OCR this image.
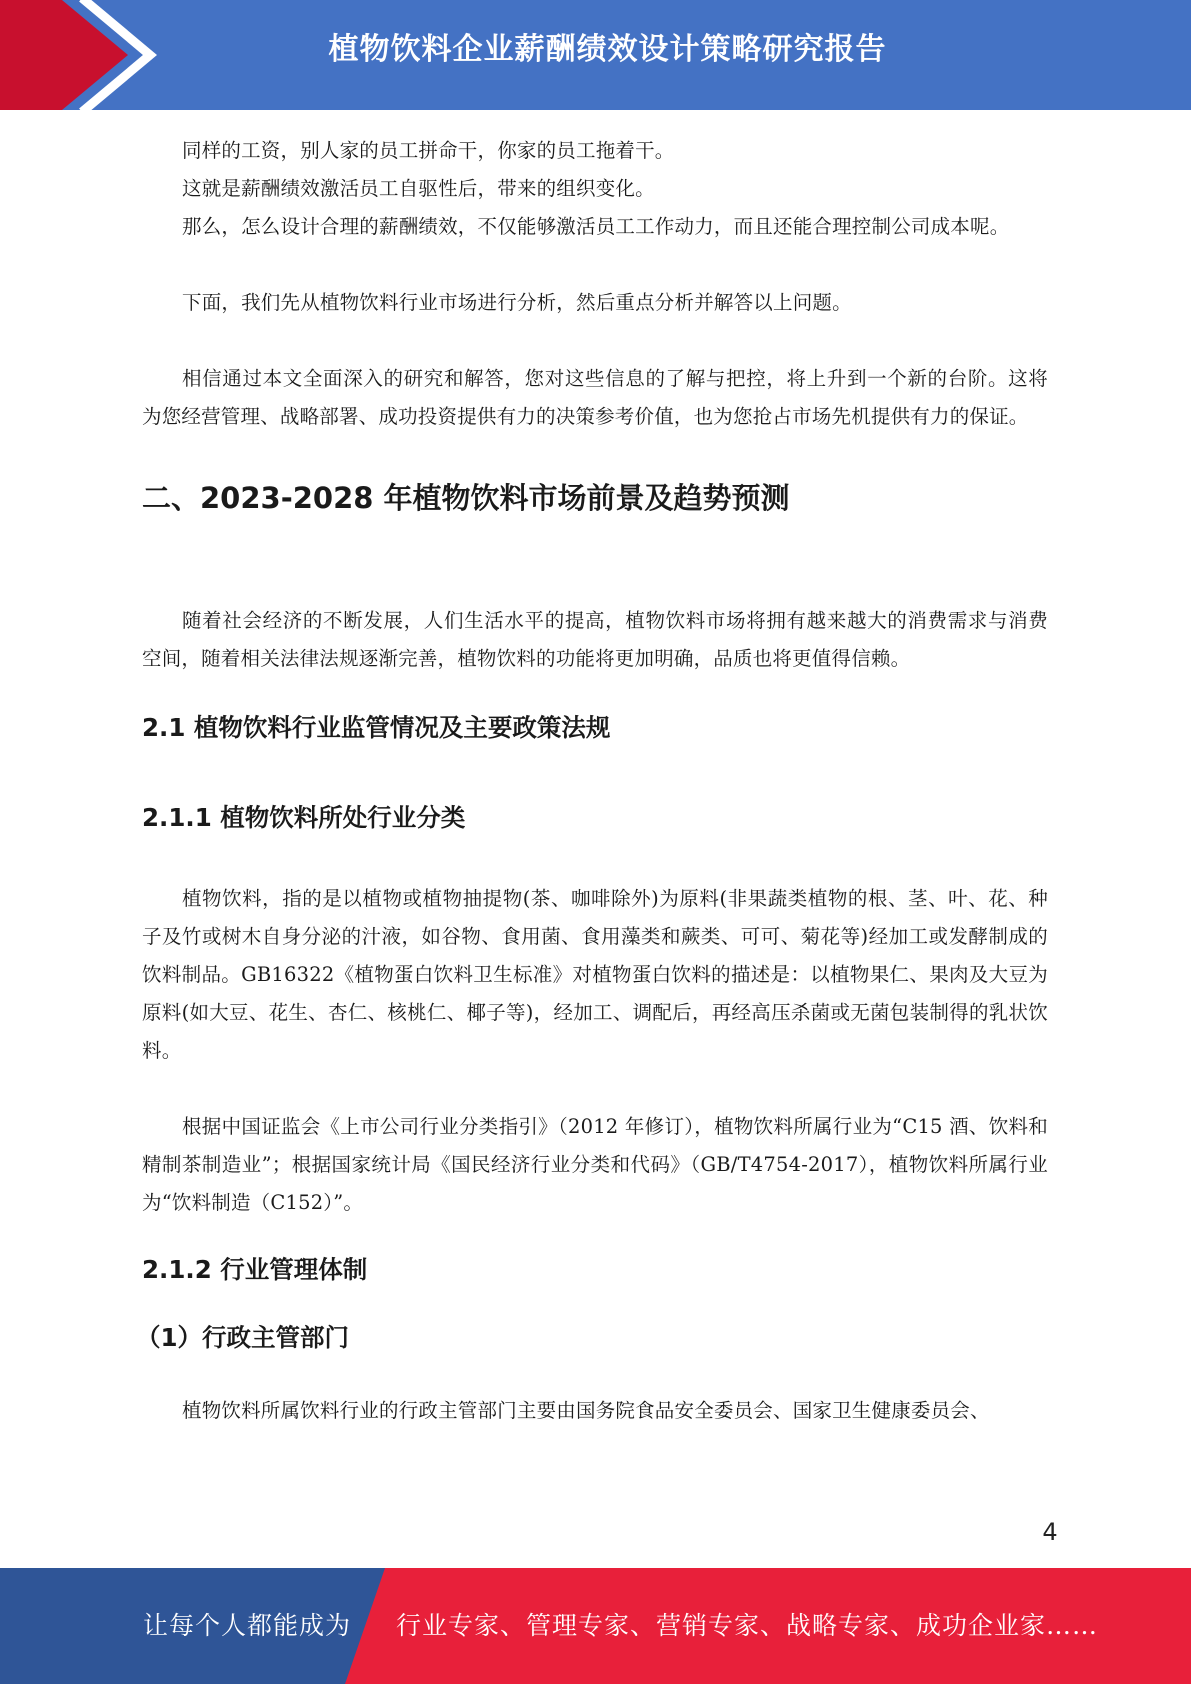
植物饮料企业薪酬绩效设计策略研究报告

同样的工资，别人家的员工拼命干，你家的员工拖着干。

这就是薪酬绩效激活员工自驱性后，带来的组织变化。

那么，怎么设计合理的薪酬绩效，不仅能够激活员工工作动力，而且还能合理控制公司成本呢。

下面，我们先从植物饮料行业市场进行分析，然后重点分析并解答以上问题。

相信通过本文全面深入的研究和解答，您对这些信息的了解与把控，将上升到一个新的台阶。这将为您经营管理、战略部署、成功投资提供有力的决策参考价值，也为您抢占市场先机提供有力的保证。

二、2023-2028 年植物饮料市场前景及趋势预测

随着社会经济的不断发展，人们生活水平的提高，植物饮料市场将拥有越来越大的消费需求与消费空间，随着相关法律法规逐渐完善，植物饮料的功能将更加明确，品质也将更值得信赖。

2.1 植物饮料行业监管情况及主要政策法规
2.1.1 植物饮料所处行业分类

植物饮料，指的是以植物或植物抽提物(茶、咖啡除外)为原料(非果蔬类植物的根、茎、叶、花、种子及竹或树木自身分泌的汁液，如谷物、食用菌、食用藻类和蕨类、可可、菊花等)经加工或发酵制成的饮料制品。GB16322《植物蛋白饮料卫生标准》对植物蛋白饮料的描述是：以植物果仁、果肉及大豆为原料(如大豆、花生、杏仁、核桃仁、椰子等)，经加工、调配后，再经高压杀菌或无菌包装制得的乳状饮料。

根据中国证监会《上市公司行业分类指引》（2012 年修订），植物饮料所属行业为“C15 酒、饮料和精制茶制造业”；根据国家统计局《国民经济行业分类和代码》（GB/T4754-2017），植物饮料所属行业为“饮料制造（C152）”。

2.1.2 行业管理体制
（1）行政主管部门

植物饮料所属饮料行业的行政主管部门主要由国务院食品安全委员会、国家卫生健康委员会、

4
让每个人都能成为 行业专家、管理专家、营销专家、战略专家、成功企业家……
